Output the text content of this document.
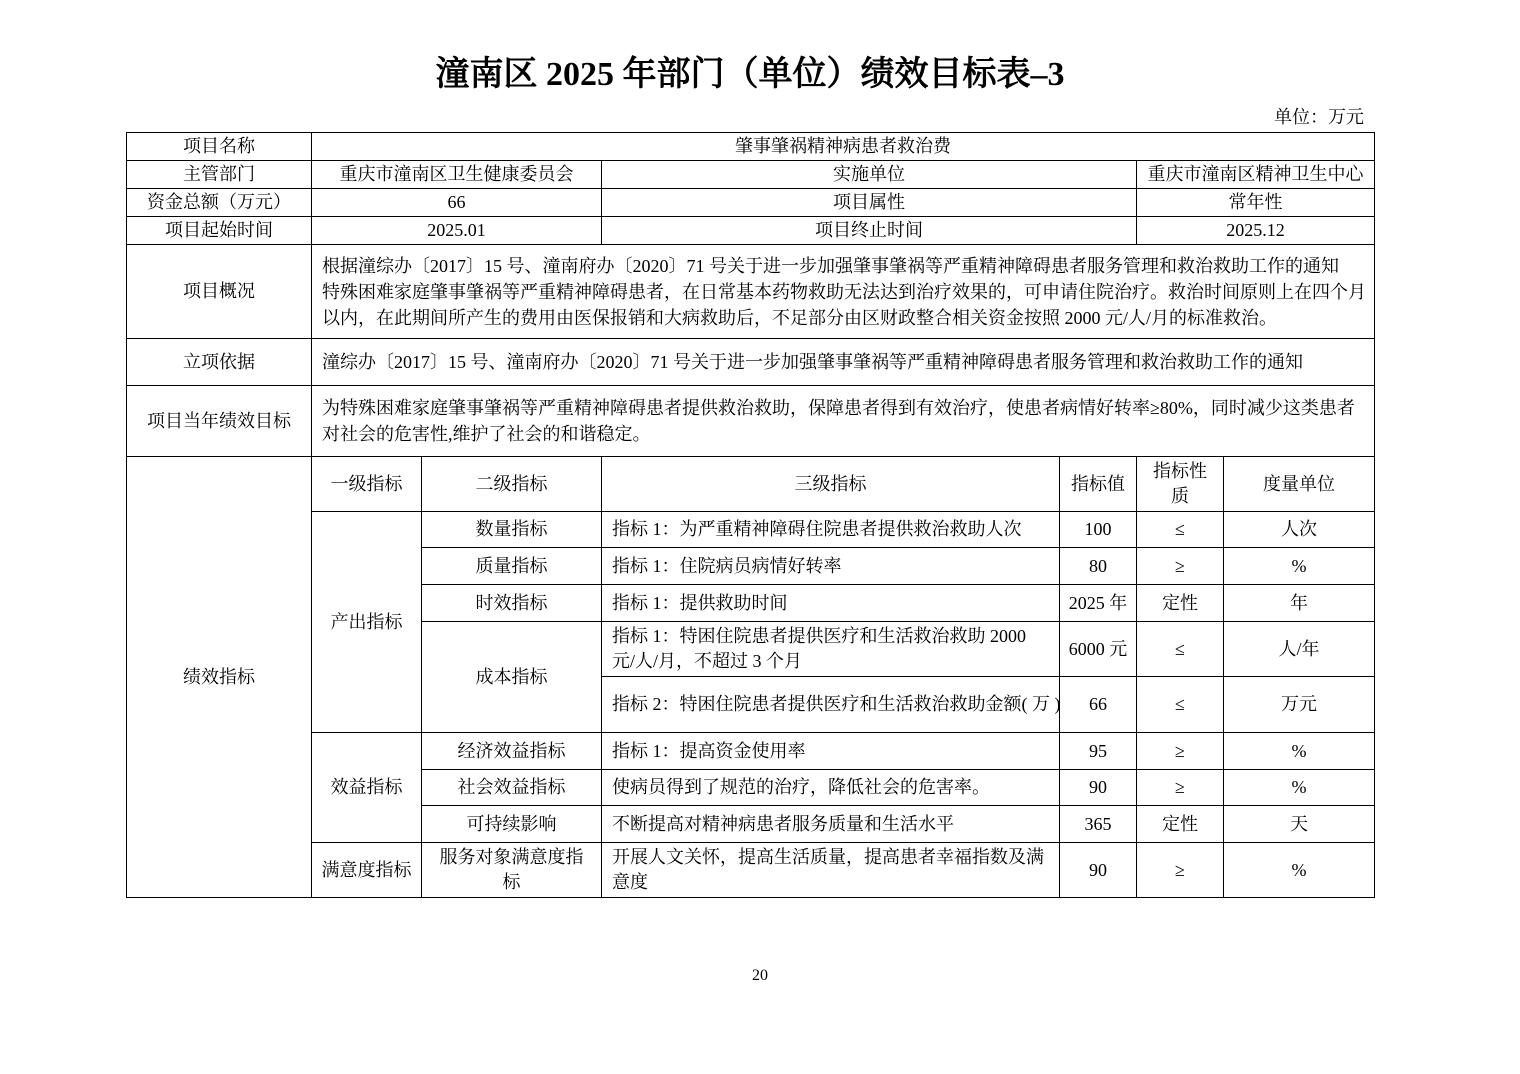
潼南区 2025 年部门（单位）绩效目标表–3
单位：万元
项目名称	肇事肇祸精神病患者救治费					
主管部门	重庆市潼南区卫生健康委员会		实施单位		重庆市潼南区精神卫生中心	
资金总额（万元）	66		项目属性		常年性	
项目起始时间	2025.01		项目终止时间		2025.12	
项目概况	根据潼综办〔2017〕15 号、潼南府办〔2020〕71 号关于进一步加强肇事肇祸等严重精神障碍患者服务管理和救治救助工作的通知
特殊困难家庭肇事肇祸等严重精神障碍患者，在日常基本药物救助无法达到治疗效果的，可申请住院治疗。救治时间原则上在四个月以内，在此期间所产生的费用由医保报销和大病救助后，不足部分由区财政整合相关资金按照 2000 元/人/月的标准救治。					

立项依据	潼综办〔2017〕15 号、潼南府办〔2020〕71 号关于进一步加强肇事肇祸等严重精神障碍患者服务管理和救治救助工作的通知					

项目当年绩效目标	为特殊困难家庭肇事肇祸等严重精神障碍患者提供救治救助，保障患者得到有效治疗，使患者病情好转率≥80%，同时减少这类患者对社会的危害性,维护了社会的和谐稳定。					

绩效指标	一级指标	二级指标	三级指标	指标值	指标性质	度量单位
	产出指标	数量指标	指标 1：为严重精神障碍住院患者提供救治救助人次	100	≤	人次
		质量指标	指标 1：住院病员病情好转率	80	≥	%
		时效指标	指标 1：提供救助时间	2025 年	定性	年
		成本指标	指标 1：特困住院患者提供医疗和生活救治救助 2000 元/人/月，不超过 3 个月	6000 元	≤	人/年
			指标 2：特困住院患者提供医疗和生活救治救助金额( 万 )	66	≤	万元
	效益指标	经济效益指标	指标 1：提高资金使用率	95	≥	%
		社会效益指标	使病员得到了规范的治疗，降低社会的危害率。	90	≥	%
		可持续影响	不断提高对精神病患者服务质量和生活水平	365	定性	天
	满意度指标	服务对象满意度指标	开展人文关怀，提高生活质量，提高患者幸福指数及满意度	90	≥	%
20
